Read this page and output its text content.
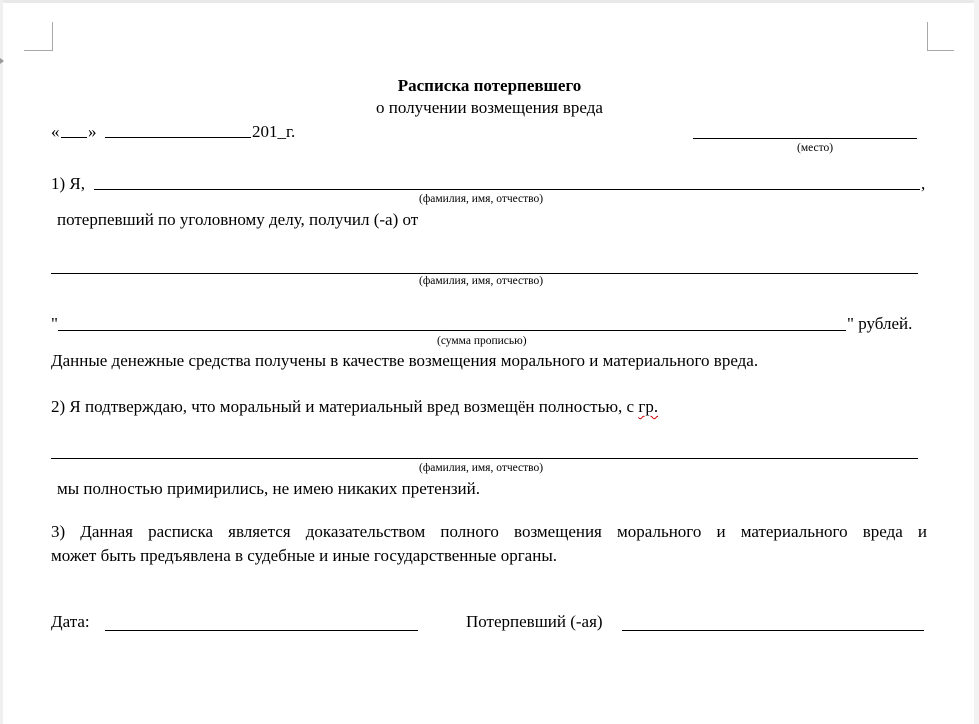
Расписка потерпевшего
о получении возмещения вреда
« »	201_г.
(место)
1) Я,	,
(фамилия, имя, отчество)
потерпевший по уголовному делу, получил (-а) от
(фамилия, имя, отчество)
"	" рублей.
(сумма прописью)
Данные денежные средства получены в качестве возмещения морального и материального вреда.
2) Я подтверждаю, что моральный и материальный вред возмещён полностью, с гр.
(фамилия, имя, отчество)
мы полностью примирились, не имею никаких претензий.
3) Данная расписка является доказательством полного возмещения морального и материального вреда и
может быть предъявлена в судебные и иные государственные органы.
Дата:	Потерпевший (-ая)
